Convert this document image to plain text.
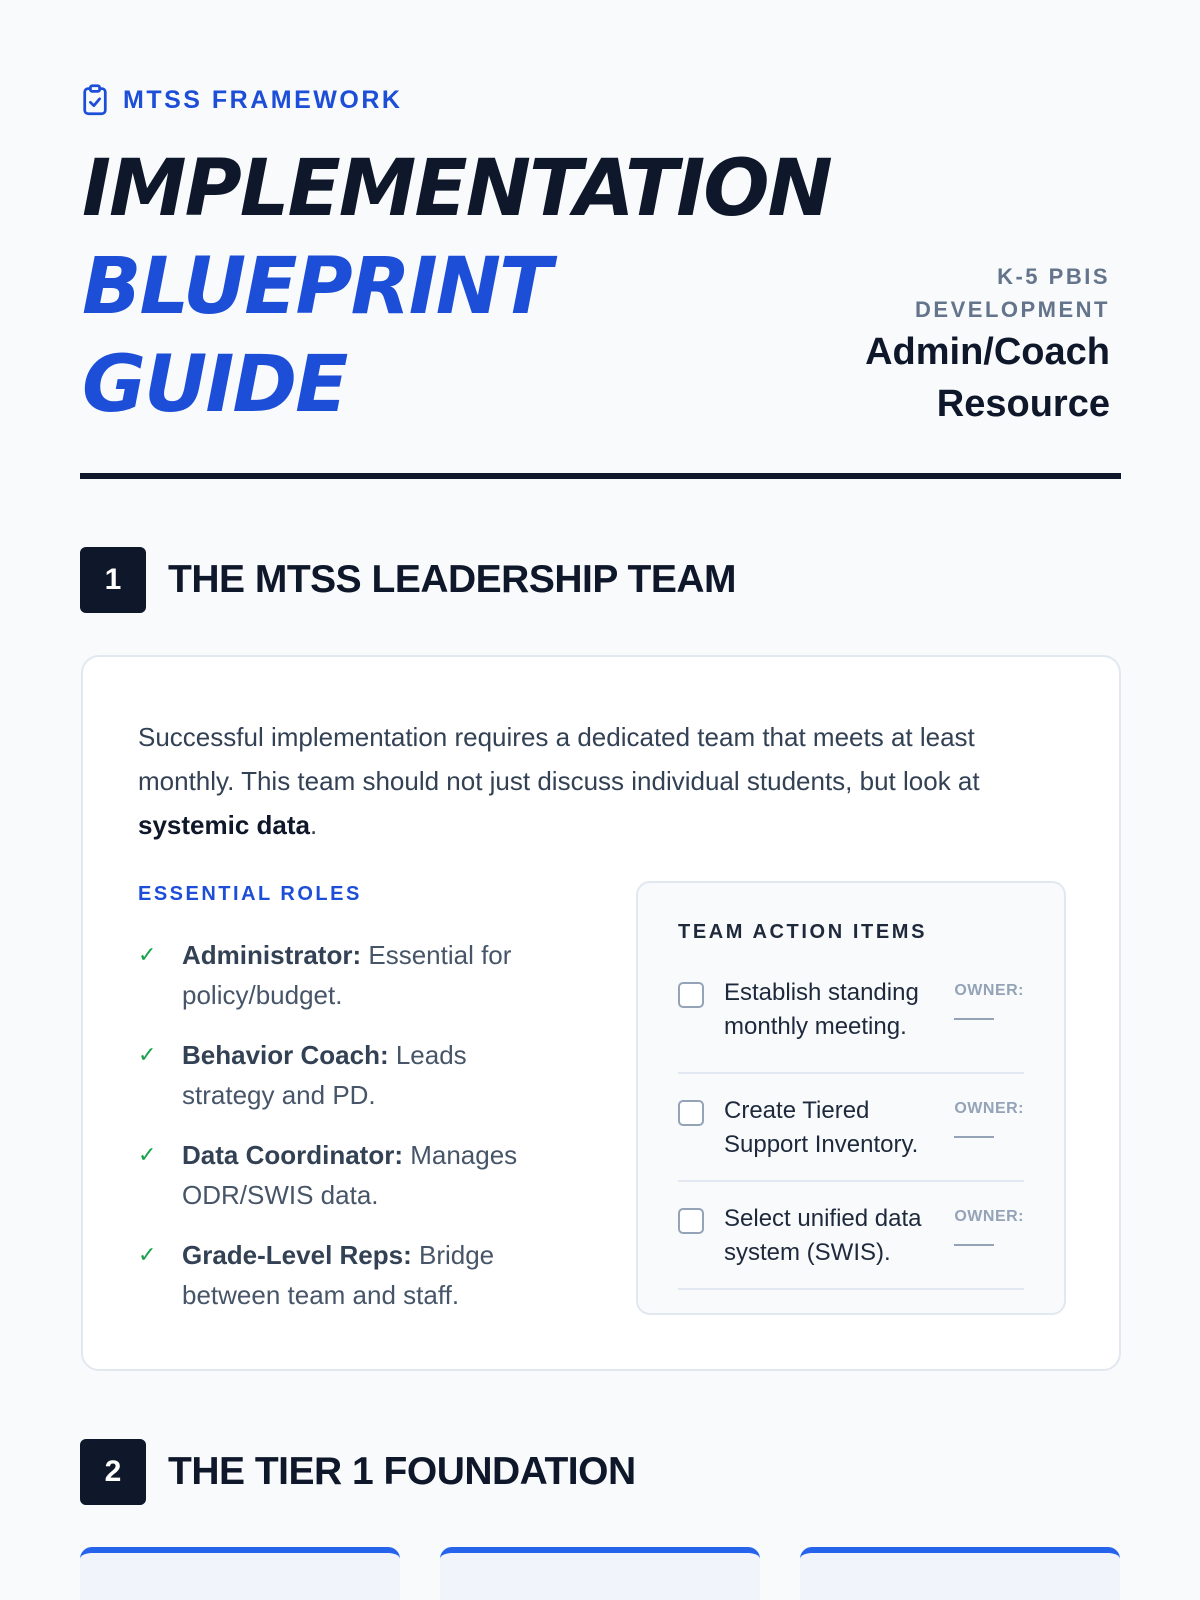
MTSS FRAMEWORK
IMPLEMENTATION
BLUEPRINT
GUIDE
K-5 PBIS DEVELOPMENT
Admin/Coach Resource
1	THE MTSS LEADERSHIP TEAM

Successful implementation requires a dedicated team that meets at least monthly. This team should not just discuss individual students, but look at systemic data.

ESSENTIAL ROLES
✓ Administrator: Essential for policy/budget.
✓ Behavior Coach: Leads strategy and PD.
✓ Data Coordinator: Manages ODR/SWIS data.
✓ Grade-Level Reps: Bridge between team and staff.
TEAM ACTION ITEMS
Establish standing monthly meeting.
OWNER:
Create Tiered Support Inventory.
OWNER:
Select unified data system (SWIS).
OWNER:
2	THE TIER 1 FOUNDATION
